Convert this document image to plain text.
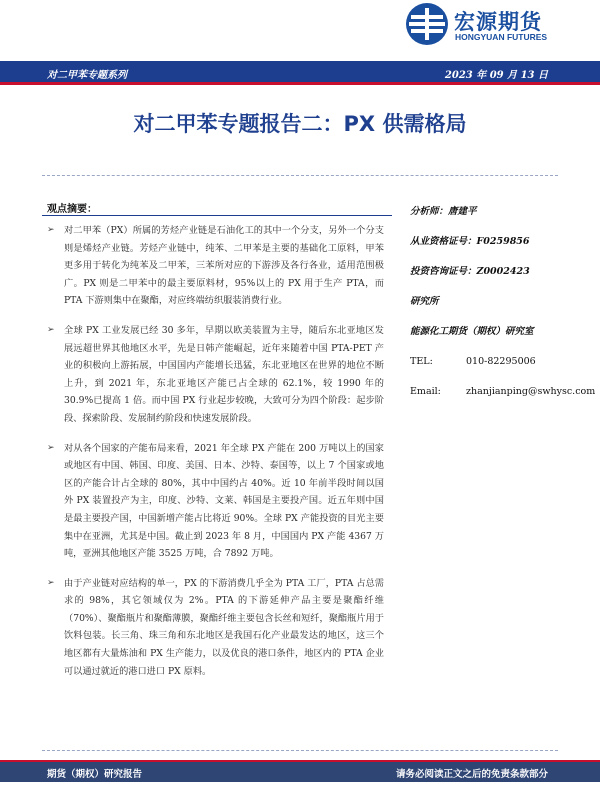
宏源期货
HONGYUAN FUTURES
对二甲苯专题系列	2023 年 09 月 13 日
对二甲苯专题报告二：PX 供需格局
观点摘要：
➢ 对二甲苯（PX）所属的芳烃产业链是石油化工的其中一个分支，另外一个分支则是烯烃产业链。芳烃产业链中，纯苯、二甲苯是主要的基础化工原料，甲苯更多用于转化为纯苯及二甲苯，三苯所对应的下游涉及各行各业，适用范围极广。PX 则是二甲苯中的最主要原料材，95%以上的 PX 用于生产 PTA，而 PTA 下游则集中在聚酯，对应终端纺织服装消费行业。
➢ 全球 PX 工业发展已经 30 多年，早期以欧美装置为主导，随后东北亚地区发展远超世界其他地区水平，先是日韩产能崛起，近年来随着中国 PTA-PET 产业的积极向上游拓展，中国国内产能增长迅猛，东北亚地区在世界的地位不断上升，到 2021 年，东北亚地区产能已占全球的 62.1%，较 1990 年的 30.9%已提高 1 倍。而中国 PX 行业起步较晚，大致可分为四个阶段：起步阶段、探索阶段、发展制约阶段和快速发展阶段。
➢ 对从各个国家的产能布局来看，2021 年全球 PX 产能在 200 万吨以上的国家或地区有中国、韩国、印度、美国、日本、沙特、泰国等，以上 7 个国家或地区的产能合计占全球的 80%，其中中国约占 40%。近 10 年前半段时间以国外 PX 装置投产为主，印度、沙特、文莱、韩国是主要投产国。近五年则中国是最主要投产国，中国新增产能占比将近 90%。全球 PX 产能投资的目光主要集中在亚洲，尤其是中国。截止到 2023 年 8 月，中国国内 PX 产能 4367 万吨，亚洲其他地区产能 3525 万吨，合 7892 万吨。
➢ 由于产业链对应结构的单一，PX 的下游消费几乎全为 PTA 工厂，PTA 占总需求的 98%，其它领域仅为 2%。PTA 的下游延伸产品主要是聚酯纤维（70%）、聚酯瓶片和聚酯薄膜，聚酯纤维主要包含长丝和短纤，聚酯瓶片用于饮料包装。长三角、珠三角和东北地区是我国石化产业最发达的地区，这三个地区都有大量炼油和 PX 生产能力，以及优良的港口条件，地区内的 PTA 企业可以通过就近的港口进口 PX 原料。
分析师：唐建平
从业资格证号：F0259856
投资咨询证号：Z0002423
研究所
能源化工期货（期权）研究室
TEL:	010-82295006
Email:	zhanjianping@swhysc.com
期货（期权）研究报告	请务必阅读正文之后的免责条款部分
